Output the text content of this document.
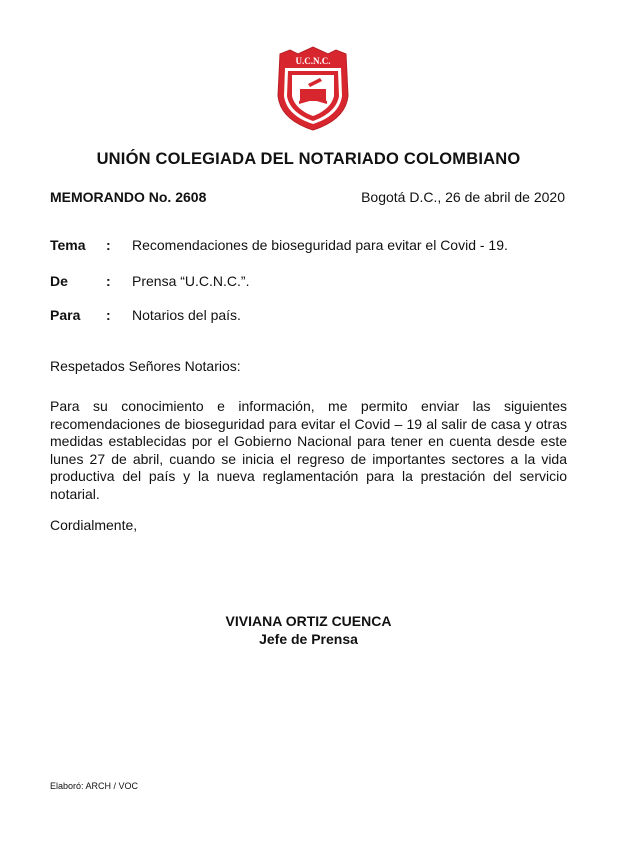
U.C.N.C.
UNIÓN COLEGIADA DEL NOTARIADO COLOMBIANO
MEMORANDO No. 2608	Bogotá D.C., 26 de abril de 2020
Tema : Recomendaciones de bioseguridad para evitar el Covid - 19.
De	: Prensa “U.C.N.C.”.
Para : Notarios del país.
Respetados Señores Notarios:

Para su conocimiento e información, me permito enviar las siguientes recomendaciones de bioseguridad para evitar el Covid – 19 al salir de casa y otras medidas establecidas por el Gobierno Nacional para tener en cuenta desde este lunes 27 de abril, cuando se inicia el regreso de importantes sectores a la vida productiva del país y la nueva reglamentación para la prestación del servicio notarial.

Cordialmente,
VIVIANA ORTIZ CUENCA
Jefe de Prensa
Elaboró: ARCH / VOC
